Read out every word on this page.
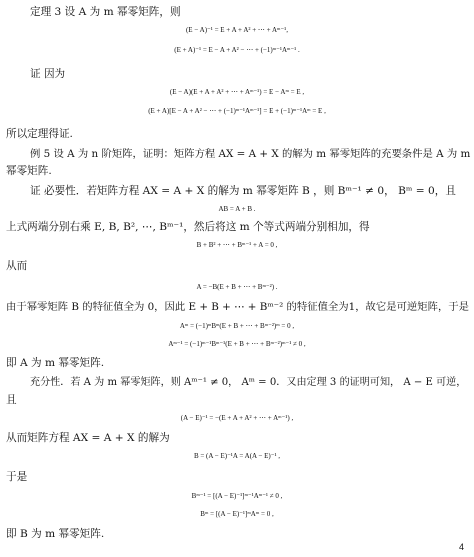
定理 3 设 A 为 m 幂零矩阵，则
(E − A)⁻¹ = E + A + A² + ⋯ + Aᵐ⁻¹,
(E + A)⁻¹ = E − A + A² − ⋯ + (−1)ᵐ⁻¹Aᵐ⁻¹ .
证 因为
(E − A)(E + A + A² + ⋯ + Aᵐ⁻¹) = E − Aᵐ = E ,
(E + A)[E − A + A² − ⋯ + (−1)ᵐ⁻¹Aᵐ⁻¹] = E + (−1)ᵐ⁻¹Aᵐ = E ,
所以定理得证.
例 5 设 A 为 n 阶矩阵，证明：矩阵方程 AX = A + X 的解为 m 幂零矩阵的充要条件是 A 为 m
幂零矩阵.
证 必要性．若矩阵方程 AX = A + X 的解为 m 幂零矩阵 B ，则 Bᵐ⁻¹ ≠ 0， Bᵐ = 0，且
AB = A + B .
上式两端分别右乘 E, B, B², ⋯, Bᵐ⁻¹，然后将这 m 个等式两端分别相加，得
B + B² + ⋯ + Bᵐ⁻¹ + A = 0 ,
从而
A = −B(E + B + ⋯ + Bᵐ⁻²) .
由于幂零矩阵 B 的特征值全为 0，因此 E + B + ⋯ + Bᵐ⁻² 的特征值全为1，故它是可逆矩阵，于是
Aᵐ = (−1)ᵐBᵐ(E + B + ⋯ + Bᵐ⁻²)ᵐ = 0 ,
Aᵐ⁻¹ = (−1)ᵐ⁻¹Bᵐ⁻¹(E + B + ⋯ + Bᵐ⁻²)ᵐ⁻¹ ≠ 0 ,
即 A 为 m 幂零矩阵.
充分性．若 A 为 m 幂零矩阵，则 Aᵐ⁻¹ ≠ 0， Aᵐ = 0．又由定理 3 的证明可知， A − E 可逆，
且
(A − E)⁻¹ = −(E + A + A² + ⋯ + Aᵐ⁻¹) ,
从而矩阵方程 AX = A + X 的解为
B = (A − E)⁻¹A = A(A − E)⁻¹ ,
于是
Bᵐ⁻¹ = [(A − E)⁻¹]ᵐ⁻¹Aᵐ⁻¹ ≠ 0 ,
Bᵐ = [(A − E)⁻¹]ᵐAᵐ = 0 ,
即 B 为 m 幂零矩阵.
4
